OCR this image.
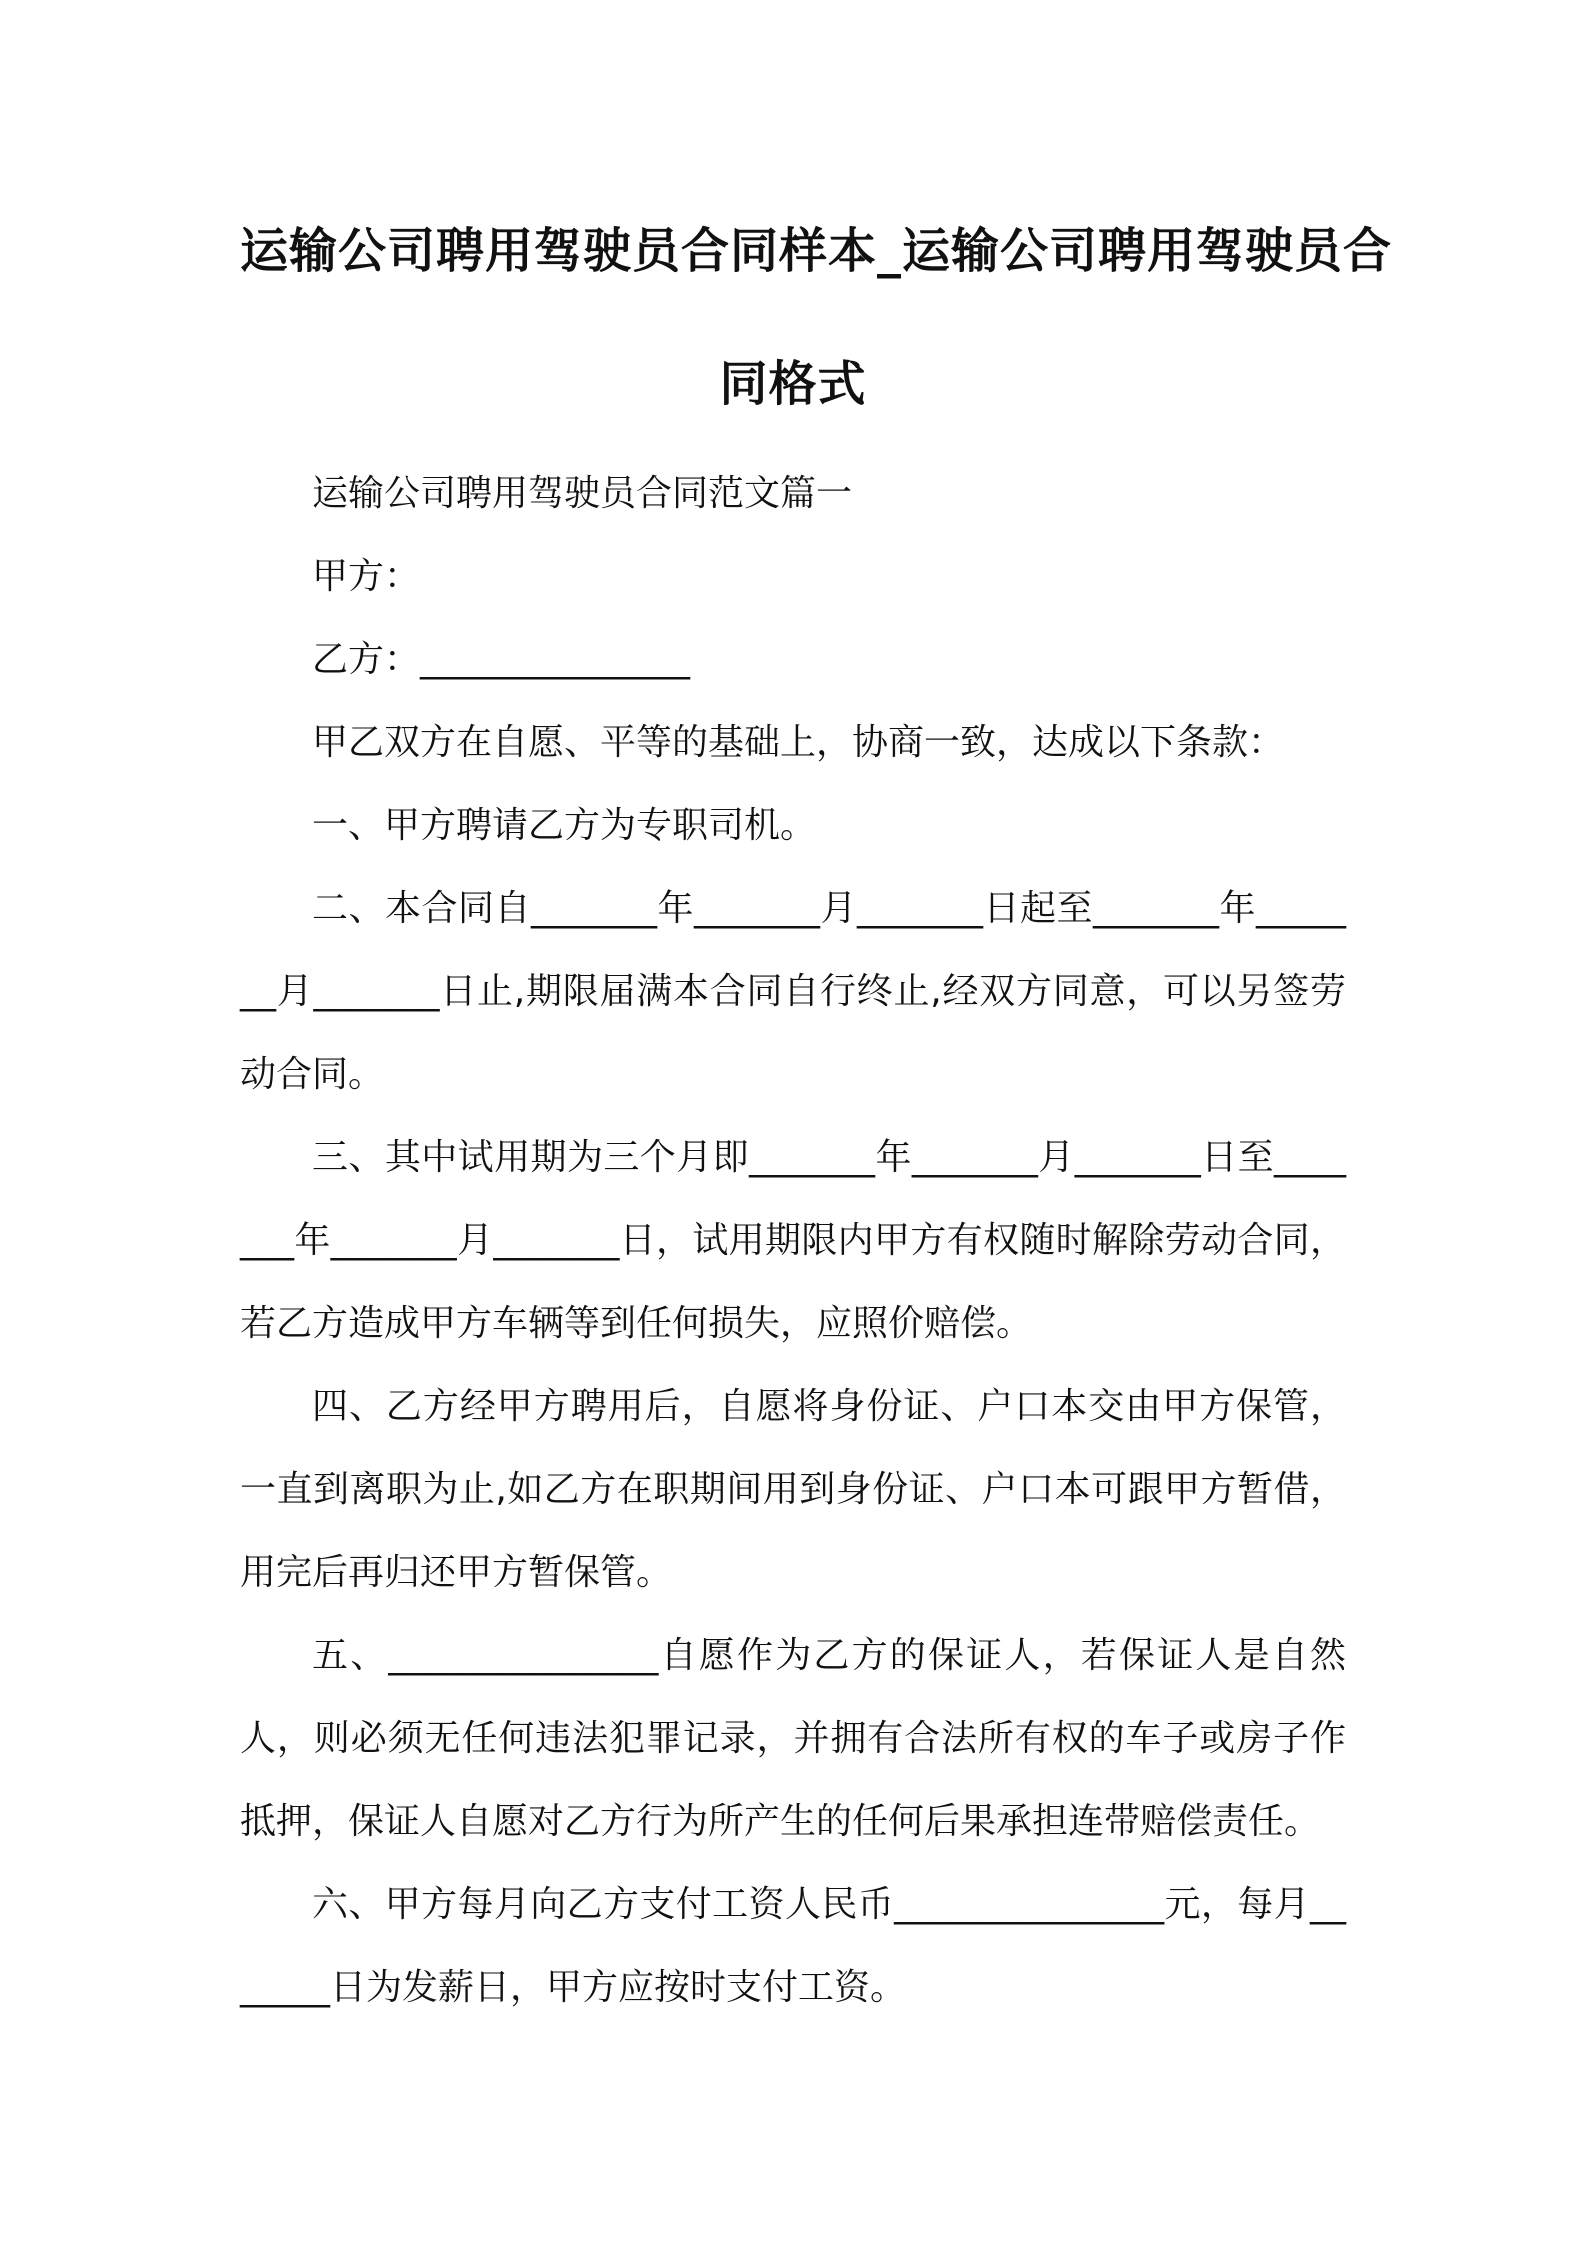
运输公司聘用驾驶员合同样本_运输公司聘用驾驶员合
同格式

运输公司聘用驾驶员合同范文篇一

甲方：

乙方：_______________

甲乙双方在自愿、平等的基础上，协商一致，达成以下条款：

一、甲方聘请乙方为专职司机。

二、本合同自_______年_______月_______日起至_______年_______月_______日止,期限届满本合同自行终止,经双方同意，可以另签劳动合同。

三、其中试用期为三个月即_______年_______月_______日至_______年_______月_______日，试用期限内甲方有权随时解除劳动合同，若乙方造成甲方车辆等到任何损失，应照价赔偿。

四、乙方经甲方聘用后，自愿将身份证、户口本交由甲方保管，一直到离职为止,如乙方在职期间用到身份证、户口本可跟甲方暂借，用完后再归还甲方暂保管。

五、_______________自愿作为乙方的保证人，若保证人是自然人，则必须无任何违法犯罪记录，并拥有合法所有权的车子或房子作抵押，保证人自愿对乙方行为所产生的任何后果承担连带赔偿责任。

六、甲方每月向乙方支付工资人民币_______________元，每月_______日为发薪日，甲方应按时支付工资。
